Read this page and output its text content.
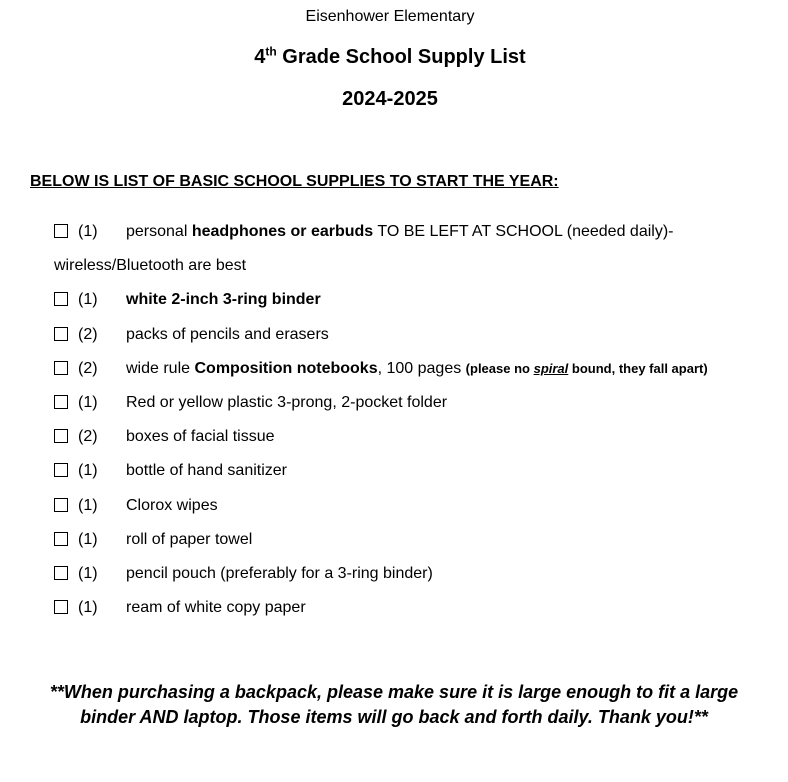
Eisenhower Elementary
4th Grade School Supply List
2024-2025
BELOW IS LIST OF BASIC SCHOOL SUPPLIES TO START THE YEAR:
(1) personal headphones or earbuds TO BE LEFT AT SCHOOL (needed daily)-
wireless/Bluetooth are best
(1) white 2-inch 3-ring binder
(2) packs of pencils and erasers
(2) wide rule Composition notebooks, 100 pages (please no spiral bound, they fall apart)
(1) Red or yellow plastic 3-prong, 2-pocket folder
(2) boxes of facial tissue
(1) bottle of hand sanitizer
(1) Clorox wipes
(1) roll of paper towel
(1) pencil pouch (preferably for a 3-ring binder)
(1) ream of white copy paper
**When purchasing a backpack, please make sure it is large enough to fit a large
binder AND laptop. Those items will go back and forth daily. Thank you!**
